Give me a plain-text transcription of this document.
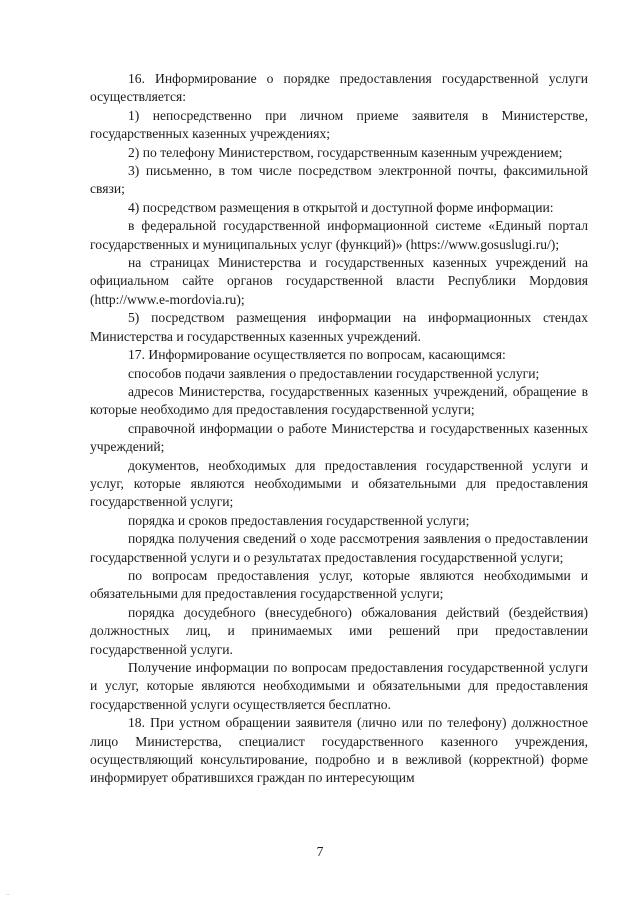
16. Информирование о порядке предоставления государственной услуги осуществляется:

1) непосредственно при личном приеме заявителя в Министерстве, государственных казенных учреждениях;

2) по телефону Министерством, государственным казенным учреждением;

3) письменно, в том числе посредством электронной почты, факсимильной связи;

4) посредством размещения в открытой и доступной форме информации:

в федеральной государственной информационной системе «Единый портал государственных и муниципальных услуг (функций)» (https://www.gosuslugi.ru/);

на страницах Министерства и государственных казенных учреждений на официальном сайте органов государственной власти Республики Мордовия (http://www.e-mordovia.ru);

5) посредством размещения информации на информационных стендах Министерства и государственных казенных учреждений.

17. Информирование осуществляется по вопросам, касающимся:

способов подачи заявления о предоставлении государственной услуги;

адресов Министерства, государственных казенных учреждений, обращение в которые необходимо для предоставления государственной услуги;

справочной информации о работе Министерства и государственных казенных учреждений;

документов, необходимых для предоставления государственной услуги и услуг, которые являются необходимыми и обязательными для предоставления государственной услуги;

порядка и сроков предоставления государственной услуги;

порядка получения сведений о ходе рассмотрения заявления о предоставлении государственной услуги и о результатах предоставления государственной услуги;

по вопросам предоставления услуг, которые являются необходимыми и обязательными для предоставления государственной услуги;

порядка досудебного (внесудебного) обжалования действий (бездействия) должностных лиц, и принимаемых ими решений при предоставлении государственной услуги.

Получение информации по вопросам предоставления государственной услуги и услуг, которые являются необходимыми и обязательными для предоставления государственной услуги осуществляется бесплатно.

18. При устном обращении заявителя (лично или по телефону) должностное лицо Министерства, специалист государственного казенного учреждения, осуществляющий консультирование, подробно и в вежливой (корректной) форме информирует обратившихся граждан по интересующим

7
..
